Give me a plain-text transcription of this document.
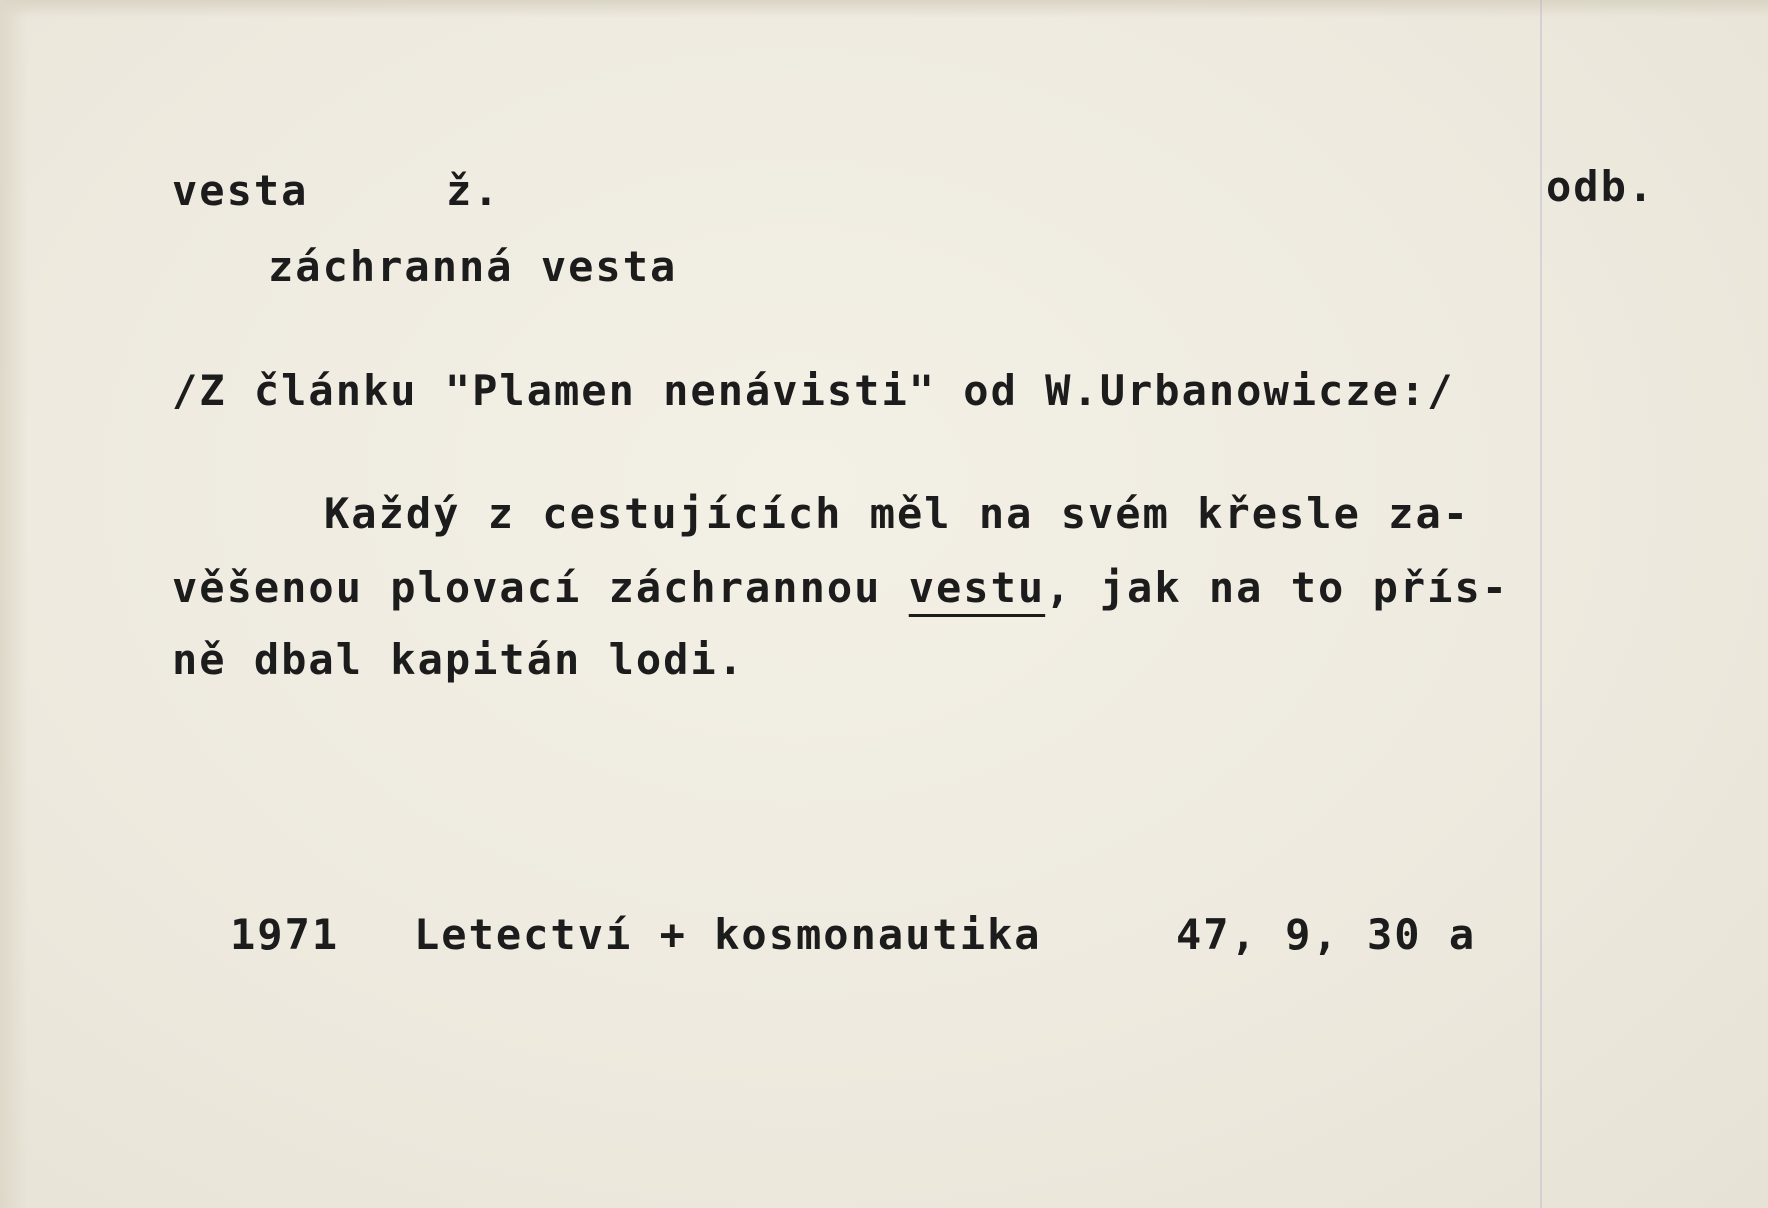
vesta	ž.	odb.
záchranná vesta
/Z článku "Plamen nenávisti" od W.Urbanowicze:/
Každý z cestujících měl na svém křesle za-
věšenou plovací záchrannou vestu, jak na to přís-
ně dbal kapitán lodi.
1971 Letectví + kosmonautika	47, 9, 30 a
